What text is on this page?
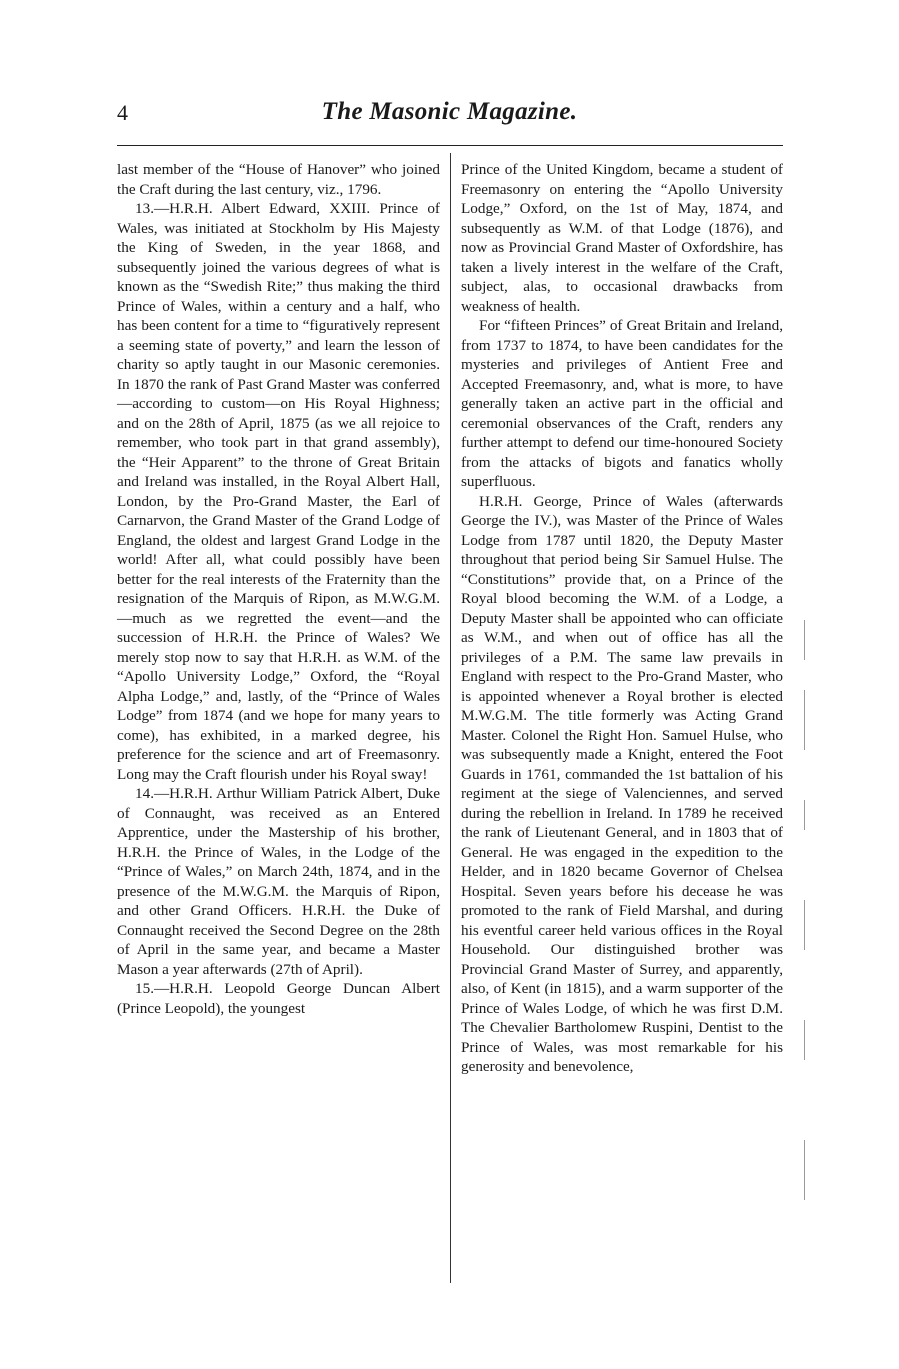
4	The Masonic Magazine.

last member of the “House of Hanover” who joined the Craft during the last century, viz., 1796.

13.—H.R.H. Albert Edward, XXIII. Prince of Wales, was initiated at Stockholm by His Majesty the King of Sweden, in the year 1868, and subsequently joined the various degrees of what is known as the “Swedish Rite;” thus making the third Prince of Wales, within a century and a half, who has been content for a time to “figuratively represent a seeming state of poverty,” and learn the lesson of charity so aptly taught in our Masonic ceremonies. In 1870 the rank of Past Grand Master was conferred —according to custom—on His Royal Highness; and on the 28th of April, 1875 (as we all rejoice to remember, who took part in that grand assembly), the “Heir Apparent” to the throne of Great Britain and Ireland was installed, in the Royal Albert Hall, London, by the Pro-Grand Master, the Earl of Carnarvon, the Grand Master of the Grand Lodge of England, the oldest and largest Grand Lodge in the world! After all, what could possibly have been better for the real interests of the Fraternity than the resignation of the Marquis of Ripon, as M.W.G.M.—much as we regretted the event—and the succession of H.R.H. the Prince of Wales? We merely stop now to say that H.R.H. as W.M. of the “Apollo University Lodge,” Oxford, the “Royal Alpha Lodge,” and, lastly, of the “Prince of Wales Lodge” from 1874 (and we hope for many years to come), has exhibited, in a marked degree, his preference for the science and art of Freemasonry. Long may the Craft flourish under his Royal sway!

14.—H.R.H. Arthur William Patrick Albert, Duke of Connaught, was received as an Entered Apprentice, under the Mastership of his brother, H.R.H. the Prince of Wales, in the Lodge of the “Prince of Wales,” on March 24th, 1874, and in the presence of the M.W.G.M. the Marquis of Ripon, and other Grand Officers. H.R.H. the Duke of Connaught received the Second Degree on the 28th of April in the same year, and became a Master Mason a year afterwards (27th of April).

15.—H.R.H. Leopold George Duncan Albert (Prince Leopold), the youngest

Prince of the United Kingdom, became a student of Freemasonry on entering the “Apollo University Lodge,” Oxford, on the 1st of May, 1874, and subsequently as W.M. of that Lodge (1876), and now as Provincial Grand Master of Oxfordshire, has taken a lively interest in the welfare of the Craft, subject, alas, to occasional drawbacks from weakness of health.

For “fifteen Princes” of Great Britain and Ireland, from 1737 to 1874, to have been candidates for the mysteries and privileges of Antient Free and Accepted Freemasonry, and, what is more, to have generally taken an active part in the official and ceremonial observances of the Craft, renders any further attempt to defend our time-honoured Society from the attacks of bigots and fanatics wholly superfluous.

H.R.H. George, Prince of Wales (afterwards George the IV.), was Master of the Prince of Wales Lodge from 1787 until 1820, the Deputy Master throughout that period being Sir Samuel Hulse. The “Constitutions” provide that, on a Prince of the Royal blood becoming the W.M. of a Lodge, a Deputy Master shall be appointed who can officiate as W.M., and when out of office has all the privileges of a P.M. The same law prevails in England with respect to the Pro-Grand Master, who is appointed whenever a Royal brother is elected M.W.G.M. The title formerly was Acting Grand Master. Colonel the Right Hon. Samuel Hulse, who was subsequently made a Knight, entered the Foot Guards in 1761, commanded the 1st battalion of his regiment at the siege of Valenciennes, and served during the rebellion in Ireland. In 1789 he received the rank of Lieutenant General, and in 1803 that of General. He was engaged in the expedition to the Helder, and in 1820 became Governor of Chelsea Hospital. Seven years before his decease he was promoted to the rank of Field Marshal, and during his eventful career held various offices in the Royal Household. Our distinguished brother was Provincial Grand Master of Surrey, and apparently, also, of Kent (in 1815), and a warm supporter of the Prince of Wales Lodge, of which he was first D.M. The Chevalier Bartholomew Ruspini, Dentist to the Prince of Wales, was most remarkable for his generosity and benevolence,
